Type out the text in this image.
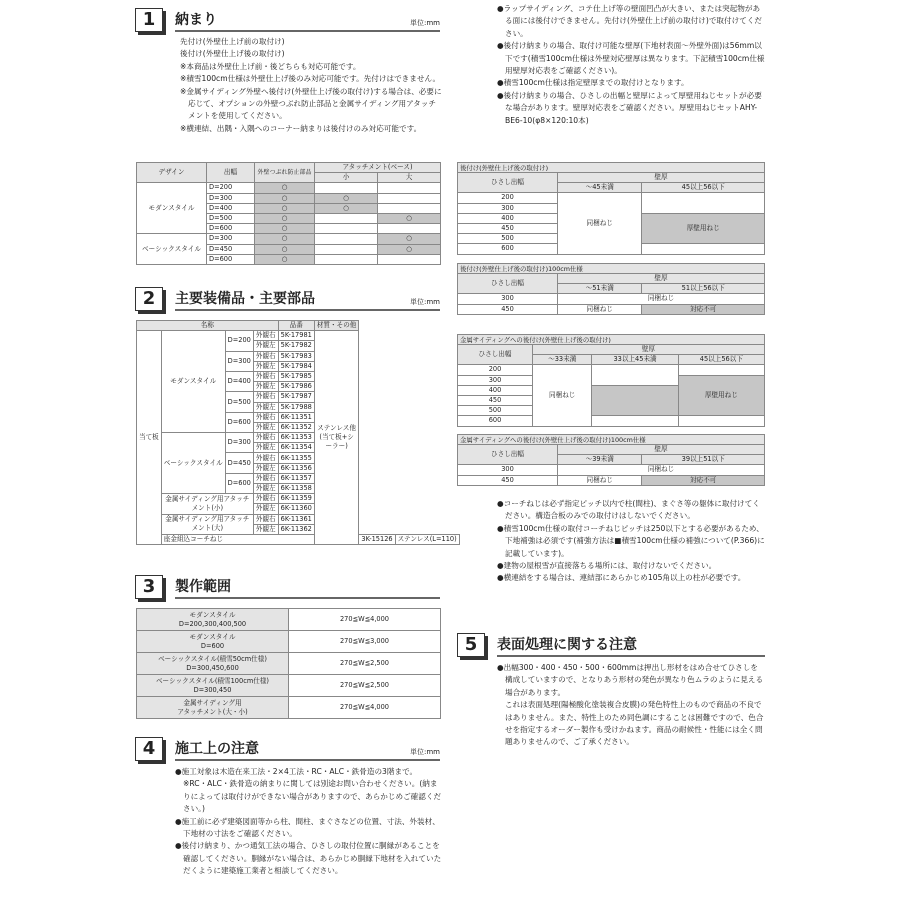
1	納まり	単位:mm

先付け(外壁仕上げ前の取付け)

後付け(外壁仕上げ後の取付け)

※本商品は外壁仕上げ前・後どちらも対応可能です。

※積雪100cm仕様は外壁仕上げ後のみ対応可能です。先付けはできません。

※金属サイディング外壁へ後付け(外壁仕上げ後の取付け)する場合は、必要に応じて、オプションの外壁つぶれ防止部品と金属サイディング用アタッチメントを使用してください。

※横連結、出隅・入隅へのコーナー納まりは後付けのみ対応可能です。

デザイン	出幅	外壁つぶれ防止部品	アタッチメント(ベース)	
			小	大
モダンスタイル	D=200	○		
	D=300	○	○	
	D=400	○	○	
	D=500	○		○
	D=600	○		
ベーシックスタイル	D=300	○		○
	D=450	○		○
	D=600	○		
2	主要装備品・主要部品	単位:mm
名称				品番	材質・その他		
当て板	モダンスタイル	D=200	外観右	5K-17981	ステンレス他(当て板+シーラー)		
			外観左	5K-17982			
		D=300	外観右	5K-17983			
			外観左	5K-17984			
		D=400	外観右	5K-17985			
			外観左	5K-17986			
		D=500	外観右	5K-17987			
			外観左	5K-17988			
		D=600	外観右	6K-11351			
			外観左	6K-11352			
	ベーシックスタイル	D=300	外観右	6K-11353			
			外観左	6K-11354			
		D=450	外観右	6K-11355			
			外観左	6K-11356			
		D=600	外観右	6K-11357			
			外観左	6K-11358			
	金属サイディング用アタッチメント(小)		外観右	6K-11359			
			外観左	6K-11360			
	金属サイディング用アタッチメント(大)		外観右	6K-11361			
			外観左	6K-11362			
	座金組込コーチねじ					3K-15126	ステンレス(L=110)
3	製作範囲
モダンスタイル
D=200,300,400,500	270≦W≦4,000
モダンスタイル
D=600	270≦W≦3,000
ベーシックスタイル(積雪50cm仕様)
D=300,450,600	270≦W≦2,500
ベーシックスタイル(積雪100cm仕様)
D=300,450	270≦W≦2,500
金属サイディング用
アタッチメント(大・小)	270≦W≦4,000
4	施工上の注意	単位:mm

●施工対象は木造在来工法・2×4工法・RC・ALC・鉄骨造の3階まで。

※RC・ALC・鉄骨造の納まりに関しては別途お問い合わせください。(納まりによっては取付けができない場合がありますので、あらかじめご確認ください。)

●施工前に必ず建築図面等から柱、間柱、まぐさなどの位置、寸法、外装材、下地材の寸法をご確認ください。

●後付け納まり、かつ通気工法の場合、ひさしの取付位置に胴縁があることを確認してください。胴縁がない場合は、あらかじめ胴縁下地材を入れていただくように建築施工業者と相談してください。

●ラップサイディング、コテ仕上げ等の壁面凹凸が大きい、または突起物がある面には後付けできません。先付け(外壁仕上げ前の取付け)で取付けてください。

●後付け納まりの場合、取付け可能な壁厚(下地材表面～外壁外面)は56mm以下です(積雪100cm仕様は外壁対応壁厚は異なります。下記積雪100cm仕様用壁厚対応表をご確認ください)。

●積雪100cm仕様は指定壁厚までの取付けとなります。

●後付け納まりの場合、ひさしの出幅と壁厚によって厚壁用ねじセットが必要な場合があります。壁厚対応表をご確認ください。厚壁用ねじセットAHY-BE6-10(φ8×120:10本)

後付け(外壁仕上げ後の取付け)
ひさし出幅	壁厚	
	～45未満	45以上56以下
200	同梱ねじ	
300		
400		厚壁用ねじ
450		
500		
600		
後付け(外壁仕上げ後の取付け)100cm仕様
ひさし出幅	壁厚	
	～51未満	51以上56以下
300	同梱ねじ	
450	同梱ねじ	対応不可
金属サイディングへの後付け(外壁仕上げ後の取付け)
ひさし出幅	壁厚		
	～33未満	33以上45未満	45以上56以下
200	同梱ねじ		
300			厚壁用ねじ
400			
450			
500			
600			
金属サイディングへの後付け(外壁仕上げ後の取付け)100cm仕様
ひさし出幅	壁厚	
	～39未満	39以上51以下
300	同梱ねじ	
450	同梱ねじ	対応不可

●コーチねじは必ず指定ピッチ以内で柱(間柱)、まぐさ等の躯体に取付けてください。構造合板のみでの取付けはしないでください。

●積雪100cm仕様の取付コーチねじピッチは250以下とする必要があるため、下地補強は必須です(補強方法は■積雪100cm仕様の補強について(P.366)に記載しています)。

●建物の屋根雪が直接落ちる場所には、取付けないでください。

●横連結をする場合は、連結部にあらかじめ105角以上の柱が必要です。

5	表面処理に関する注意

●出幅300・400・450・500・600mmは押出し形材をはめ合せてひさしを構成していますので、となりあう形材の発色が異なり色ムラのように見える場合があります。

これは表面処理(陽極酸化塗装複合皮膜)の発色特性上のもので商品の不良ではありません。また、特性上のため同色調にすることは困難ですので、色合せを指定するオーダー製作も受けかねます。商品の耐候性・性能には全く問題ありませんので、ご了承ください。
